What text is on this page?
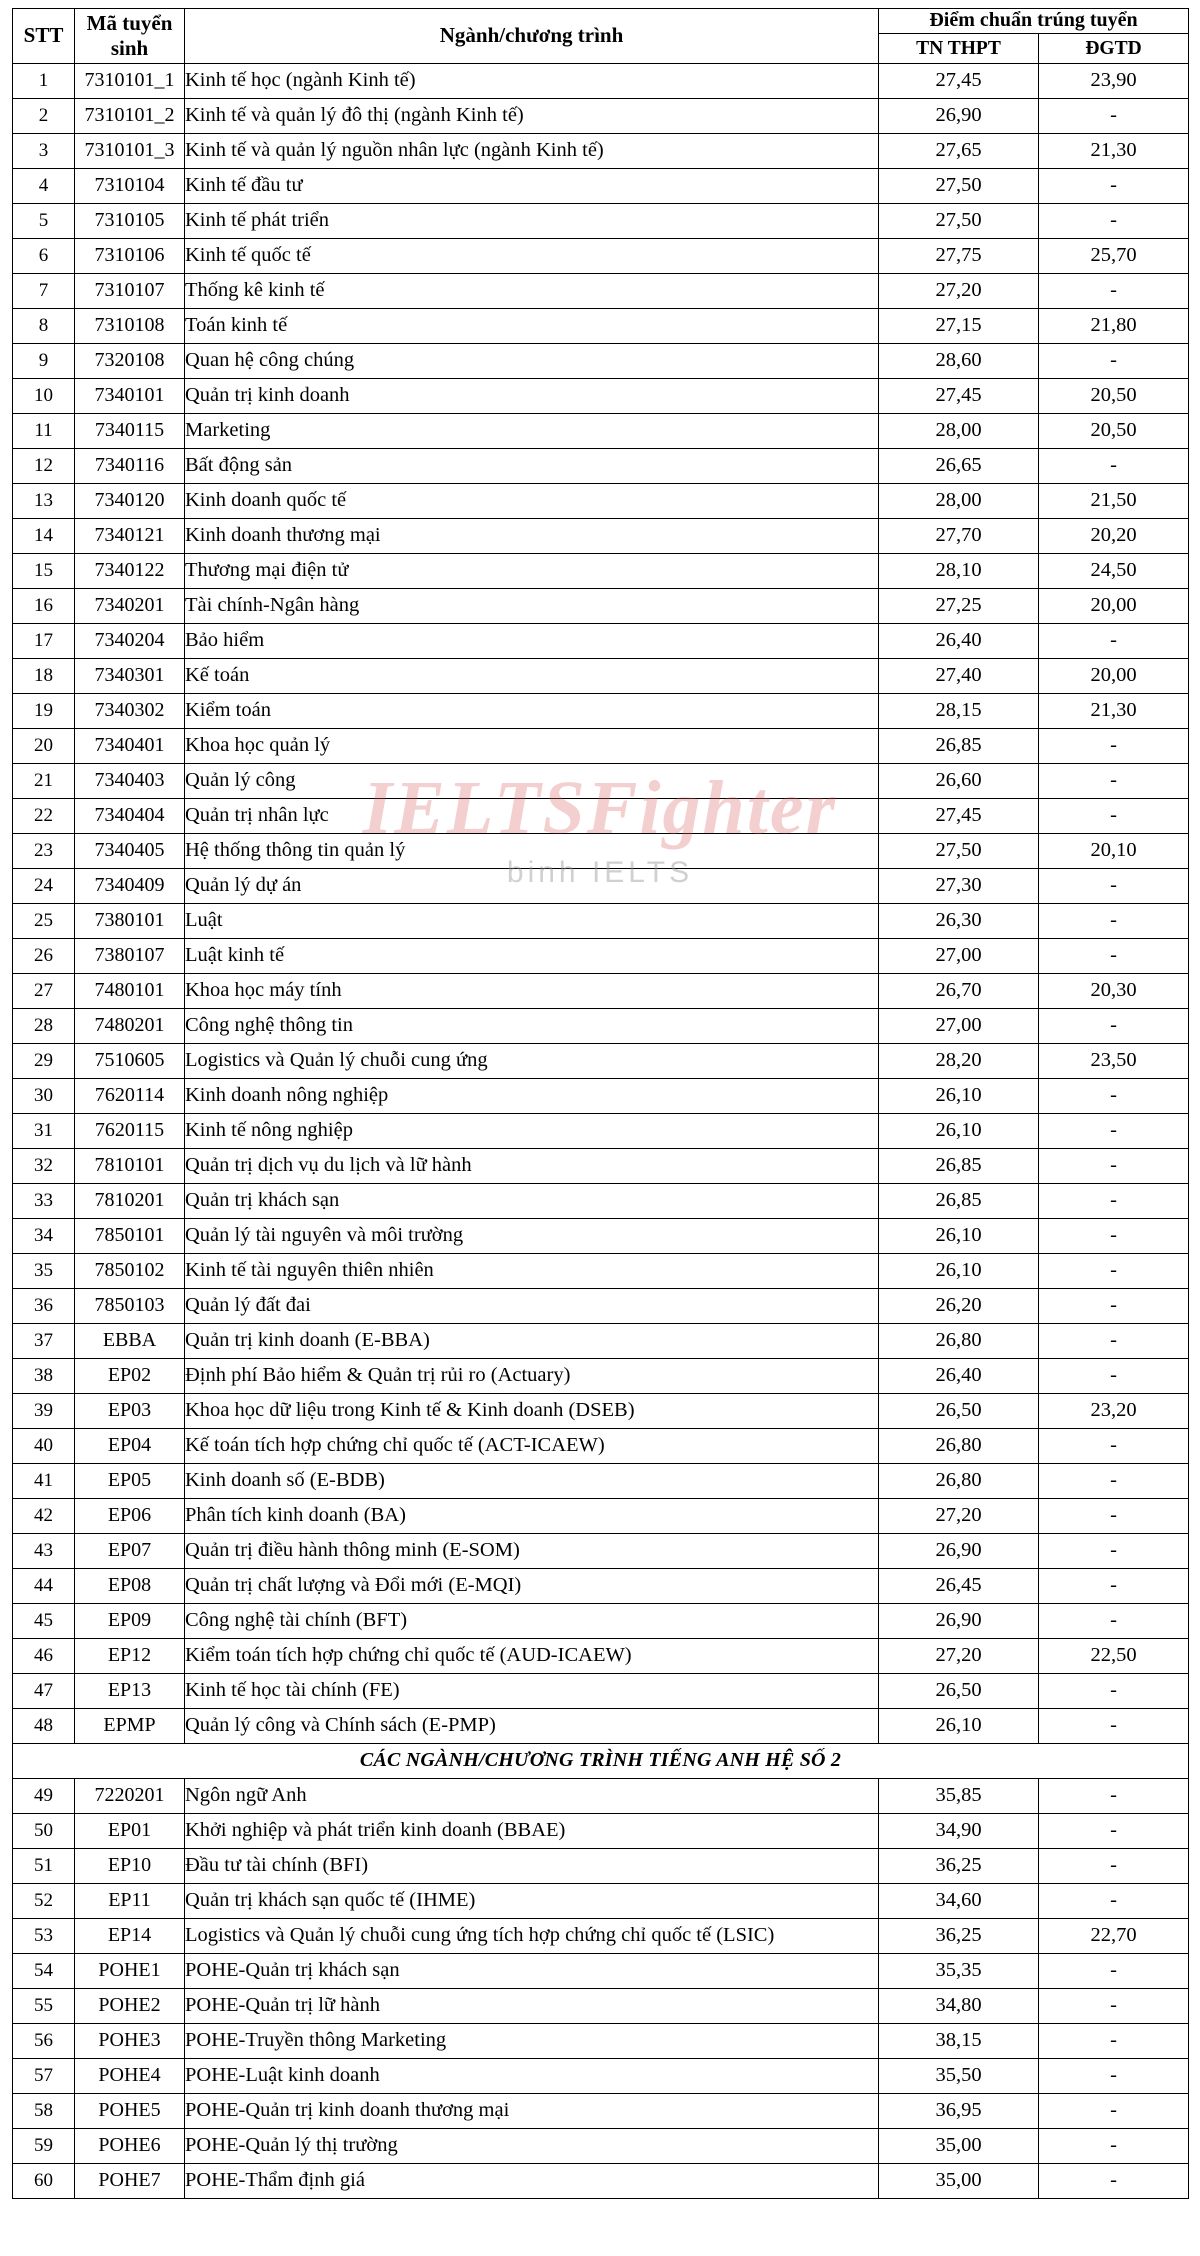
IELTSFighter
binh IELTS
STT	Mã tuyển sinh	Ngành/chương trình	Điểm chuẩn trúng tuyển	
			TN THPT	ĐGTD
1	7310101_1	Kinh tế học (ngành Kinh tế)	27,45	23,90
2	7310101_2	Kinh tế và quản lý đô thị (ngành Kinh tế)	26,90	-
3	7310101_3	Kinh tế và quản lý nguồn nhân lực (ngành Kinh tế)	27,65	21,30
4	7310104	Kinh tế đầu tư	27,50	-
5	7310105	Kinh tế phát triển	27,50	-
6	7310106	Kinh tế quốc tế	27,75	25,70
7	7310107	Thống kê kinh tế	27,20	-
8	7310108	Toán kinh tế	27,15	21,80
9	7320108	Quan hệ công chúng	28,60	-
10	7340101	Quản trị kinh doanh	27,45	20,50
11	7340115	Marketing	28,00	20,50
12	7340116	Bất động sản	26,65	-
13	7340120	Kinh doanh quốc tế	28,00	21,50
14	7340121	Kinh doanh thương mại	27,70	20,20
15	7340122	Thương mại điện tử	28,10	24,50
16	7340201	Tài chính-Ngân hàng	27,25	20,00
17	7340204	Bảo hiểm	26,40	-
18	7340301	Kế toán	27,40	20,00
19	7340302	Kiểm toán	28,15	21,30
20	7340401	Khoa học quản lý	26,85	-
21	7340403	Quản lý công	26,60	-
22	7340404	Quản trị nhân lực	27,45	-
23	7340405	Hệ thống thông tin quản lý	27,50	20,10
24	7340409	Quản lý dự án	27,30	-
25	7380101	Luật	26,30	-
26	7380107	Luật kinh tế	27,00	-
27	7480101	Khoa học máy tính	26,70	20,30
28	7480201	Công nghệ thông tin	27,00	-
29	7510605	Logistics và Quản lý chuỗi cung ứng	28,20	23,50
30	7620114	Kinh doanh nông nghiệp	26,10	-
31	7620115	Kinh tế nông nghiệp	26,10	-
32	7810101	Quản trị dịch vụ du lịch và lữ hành	26,85	-
33	7810201	Quản trị khách sạn	26,85	-
34	7850101	Quản lý tài nguyên và môi trường	26,10	-
35	7850102	Kinh tế tài nguyên thiên nhiên	26,10	-
36	7850103	Quản lý đất đai	26,20	-
37	EBBA	Quản trị kinh doanh (E-BBA)	26,80	-
38	EP02	Định phí Bảo hiểm & Quản trị rủi ro (Actuary)	26,40	-
39	EP03	Khoa học dữ liệu trong Kinh tế & Kinh doanh (DSEB)	26,50	23,20
40	EP04	Kế toán tích hợp chứng chỉ quốc tế (ACT-ICAEW)	26,80	-
41	EP05	Kinh doanh số (E-BDB)	26,80	-
42	EP06	Phân tích kinh doanh (BA)	27,20	-
43	EP07	Quản trị điều hành thông minh (E-SOM)	26,90	-
44	EP08	Quản trị chất lượng và Đổi mới (E-MQI)	26,45	-
45	EP09	Công nghệ tài chính (BFT)	26,90	-
46	EP12	Kiểm toán tích hợp chứng chỉ quốc tế (AUD-ICAEW)	27,20	22,50
47	EP13	Kinh tế học tài chính (FE)	26,50	-
48	EPMP	Quản lý công và Chính sách (E-PMP)	26,10	-
CÁC NGÀNH/CHƯƠNG TRÌNH TIẾNG ANH HỆ SỐ 2				
49	7220201	Ngôn ngữ Anh	35,85	-
50	EP01	Khởi nghiệp và phát triển kinh doanh (BBAE)	34,90	-
51	EP10	Đầu tư tài chính (BFI)	36,25	-
52	EP11	Quản trị khách sạn quốc tế (IHME)	34,60	-
53	EP14	Logistics và Quản lý chuỗi cung ứng tích hợp chứng chỉ quốc tế (LSIC)	36,25	22,70
54	POHE1	POHE-Quản trị khách sạn	35,35	-
55	POHE2	POHE-Quản trị lữ hành	34,80	-
56	POHE3	POHE-Truyền thông Marketing	38,15	-
57	POHE4	POHE-Luật kinh doanh	35,50	-
58	POHE5	POHE-Quản trị kinh doanh thương mại	36,95	-
59	POHE6	POHE-Quản lý thị trường	35,00	-
60	POHE7	POHE-Thẩm định giá	35,00	-
